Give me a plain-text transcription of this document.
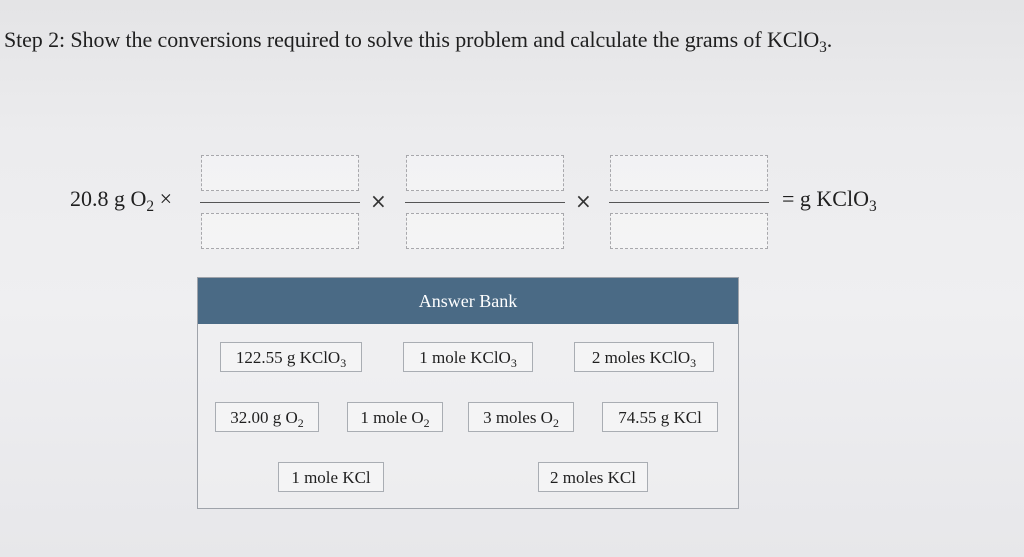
Step 2: Show the conversions required to solve this problem and calculate the grams of KClO$_3$.
20.8 g $O_2$ ×	×	×	= g KClO$_3$
Answer Bank
122.55 g KClO$_3$	1 mole KClO$_3$	2 moles KClO$_3$
32.00 g $O_2$	1 mole $O_2$	3 moles $O_2$	74.55 g KCl
1 mole KCl	2 moles KCl
